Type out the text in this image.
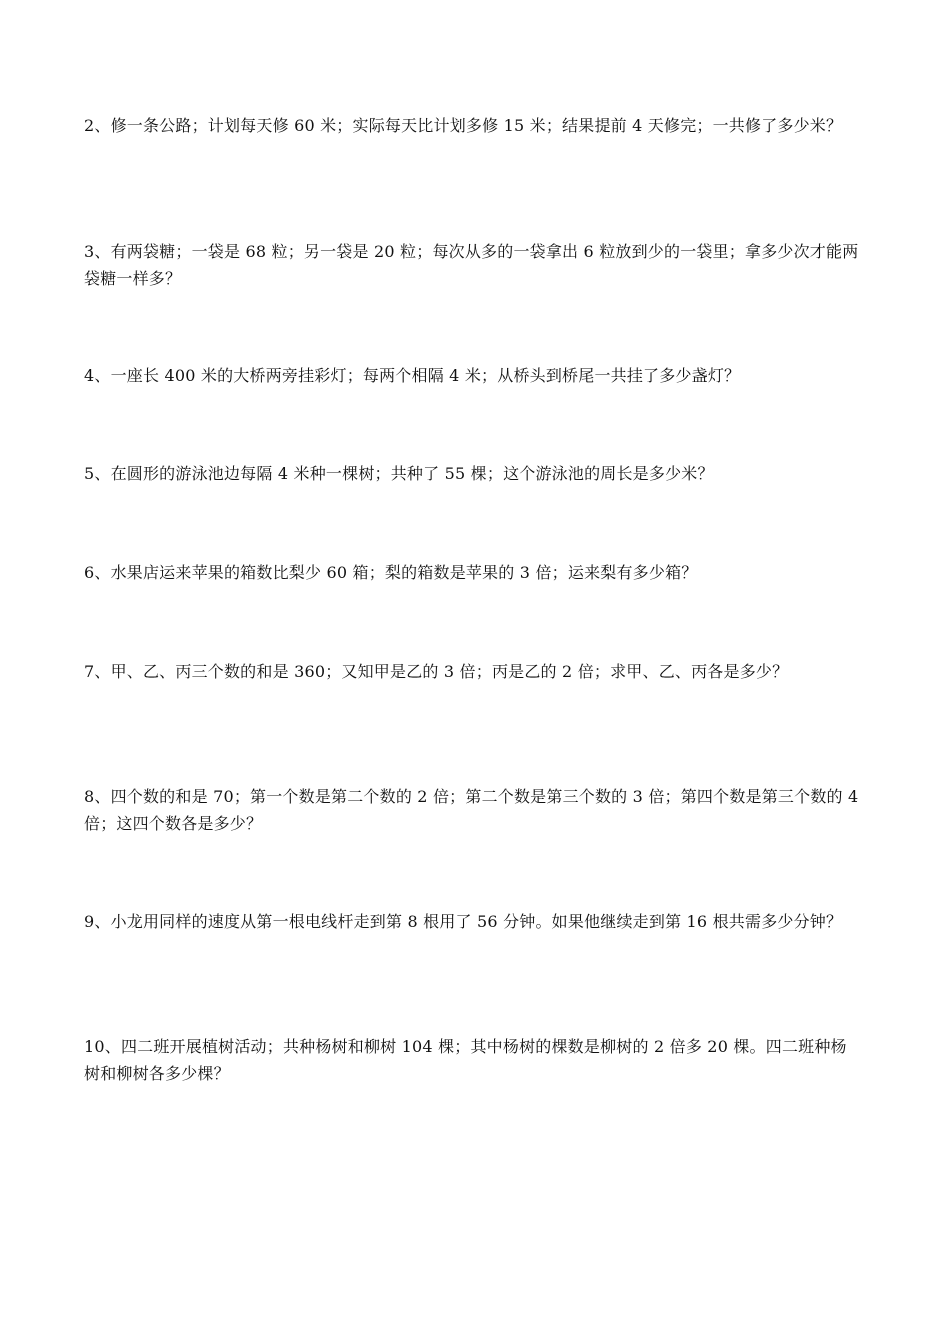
2、修一条公路；计划每天修 60 米；实际每天比计划多修 15 米；结果提前 4 天修完；一共修了多少米？

3、有两袋糖；一袋是 68 粒；另一袋是 20 粒；每次从多的一袋拿出 6 粒放到少的一袋里；拿多少次才能两袋糖一样多？

4、一座长 400 米的大桥两旁挂彩灯；每两个相隔 4 米；从桥头到桥尾一共挂了多少盏灯？

5、在圆形的游泳池边每隔 4 米种一棵树；共种了 55 棵；这个游泳池的周长是多少米？

6、水果店运来苹果的箱数比梨少 60 箱；梨的箱数是苹果的 3 倍；运来梨有多少箱？

7、甲、乙、丙三个数的和是 360；又知甲是乙的 3 倍；丙是乙的 2 倍；求甲、乙、丙各是多少？

8、四个数的和是 70；第一个数是第二个数的 2 倍；第二个数是第三个数的 3 倍；第四个数是第三个数的 4 倍；这四个数各是多少？

9、小龙用同样的速度从第一根电线杆走到第 8 根用了 56 分钟。如果他继续走到第 16 根共需多少分钟？

10、四二班开展植树活动；共种杨树和柳树 104 棵；其中杨树的棵数是柳树的 2 倍多 20 棵。四二班种杨树和柳树各多少棵？
